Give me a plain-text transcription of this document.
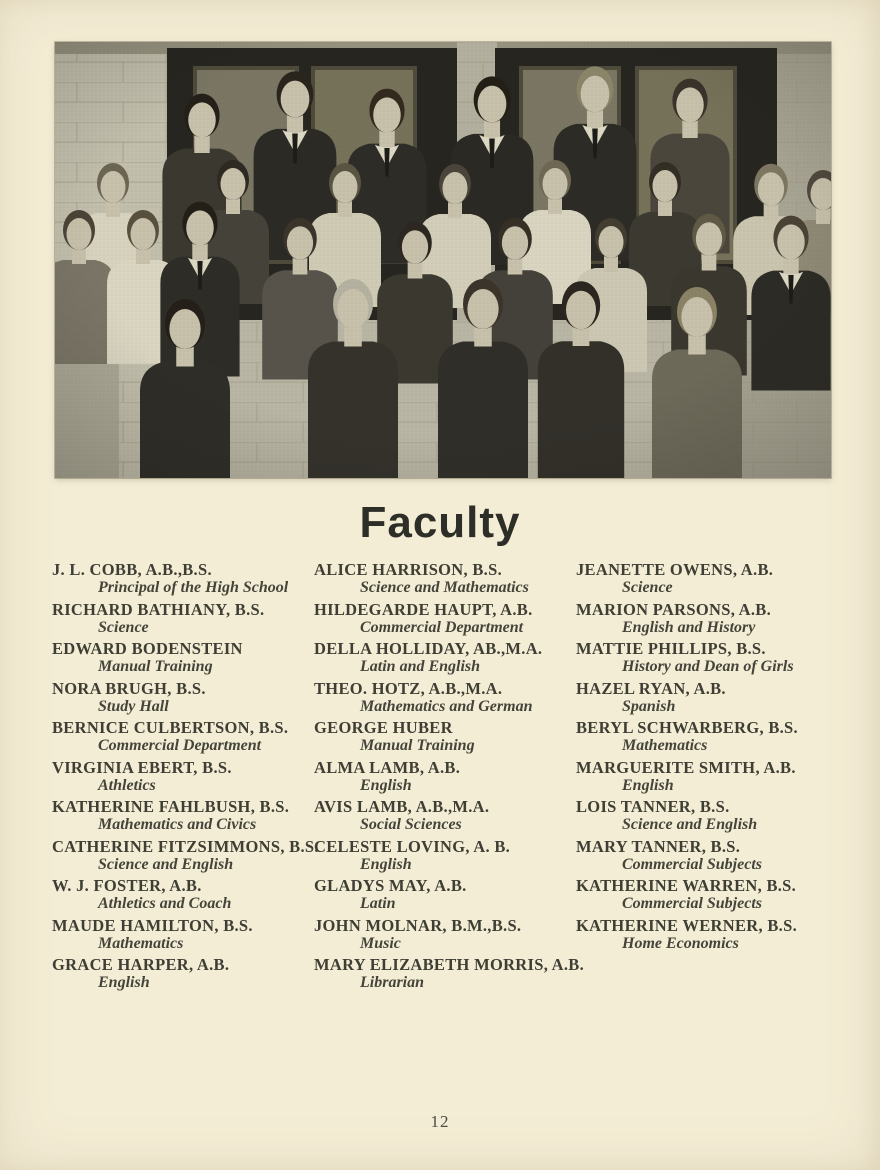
Faculty
J. L. COBB, A.B.,B.S.
Principal of the High School
RICHARD BATHIANY, B.S.
Science
EDWARD BODENSTEIN
Manual Training
NORA BRUGH, B.S.
Study Hall
BERNICE CULBERTSON, B.S.
Commercial Department
VIRGINIA EBERT, B.S.
Athletics
KATHERINE FAHLBUSH, B.S.
Mathematics and Civics
CATHERINE FITZSIMMONS, B.S.
Science and English
W. J. FOSTER, A.B.
Athletics and Coach
MAUDE HAMILTON, B.S.
Mathematics
GRACE HARPER, A.B.
English
ALICE HARRISON, B.S.
Science and Mathematics
HILDEGARDE HAUPT, A.B.
Commercial Department
DELLA HOLLIDAY, AB.,M.A.
Latin and English
THEO. HOTZ, A.B.,M.A.
Mathematics and German
GEORGE HUBER
Manual Training
ALMA LAMB, A.B.
English
AVIS LAMB, A.B.,M.A.
Social Sciences
CELESTE LOVING, A. B.
English
GLADYS MAY, A.B.
Latin
JOHN MOLNAR, B.M.,B.S.
Music
MARY ELIZABETH MORRIS, A.B.
Librarian
JEANETTE OWENS, A.B.
Science
MARION PARSONS, A.B.
English and History
MATTIE PHILLIPS, B.S.
History and Dean of Girls
HAZEL RYAN, A.B.
Spanish
BERYL SCHWARBERG, B.S.
Mathematics
MARGUERITE SMITH, A.B.
English
LOIS TANNER, B.S.
Science and English
MARY TANNER, B.S.
Commercial Subjects
KATHERINE WARREN, B.S.
Commercial Subjects
KATHERINE WERNER, B.S.
Home Economics
12
